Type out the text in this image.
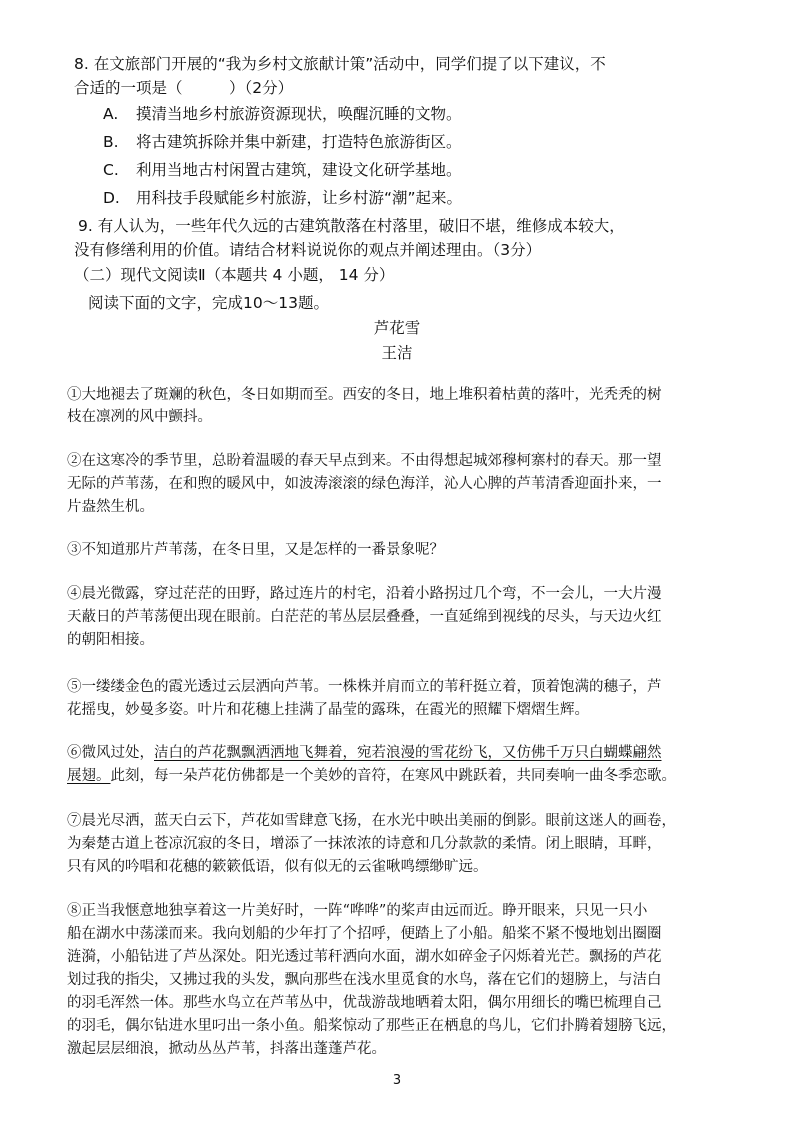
8. 在文旅部门开展的“我为乡村文旅献计策”活动中，同学们提了以下建议，不
合适的一项是（　　　）（2分）
A. 摸清当地乡村旅游资源现状，唤醒沉睡的文物。
B. 将古建筑拆除并集中新建，打造特色旅游街区。
C. 利用当地古村闲置古建筑，建设文化研学基地。
D. 用科技手段赋能乡村旅游，让乡村游“潮”起来。
9. 有人认为，一些年代久远的古建筑散落在村落里，破旧不堪，维修成本较大，
没有修缮利用的价值。请结合材料说说你的观点并阐述理由。（3分）
（二）现代文阅读Ⅱ（本题共 4 小题， 14 分）
阅读下面的文字，完成10～13题。
芦花雪
王洁
①大地褪去了斑斓的秋色，冬日如期而至。西安的冬日，地上堆积着枯黄的落叶，光秃秃的树
枝在凛冽的风中颤抖。
②在这寒冷的季节里，总盼着温暖的春天早点到来。不由得想起城郊穆柯寨村的春天。那一望
无际的芦苇荡，在和煦的暖风中，如波涛滚滚的绿色海洋，沁人心脾的芦苇清香迎面扑来，一
片盎然生机。
③不知道那片芦苇荡，在冬日里，又是怎样的一番景象呢？
④晨光微露，穿过茫茫的田野，路过连片的村宅，沿着小路拐过几个弯，不一会儿，一大片漫
天蔽日的芦苇荡便出现在眼前。白茫茫的苇丛层层叠叠，一直延绵到视线的尽头，与天边火红
的朝阳相接。
⑤一缕缕金色的霞光透过云层洒向芦苇。一株株并肩而立的苇秆挺立着，顶着饱满的穗子，芦
花摇曳，妙曼多姿。叶片和花穗上挂满了晶莹的露珠，在霞光的照耀下熠熠生辉。
⑥微风过处，洁白的芦花飘飘洒洒地飞舞着，宛若浪漫的雪花纷飞，又仿佛千万只白蝴蝶翩然
展翅。此刻，每一朵芦花仿佛都是一个美妙的音符，在寒风中跳跃着，共同奏响一曲冬季恋歌。
⑦晨光尽洒，蓝天白云下，芦花如雪肆意飞扬，在水光中映出美丽的倒影。眼前这迷人的画卷，
为秦楚古道上苍凉沉寂的冬日，增添了一抹浓浓的诗意和几分款款的柔情。闭上眼睛，耳畔，
只有风的吟唱和花穗的簌簌低语，似有似无的云雀啾鸣缥缈旷远。
⑧正当我惬意地独享着这一片美好时，一阵“哗哗”的桨声由远而近。睁开眼来，只见一只小
船在湖水中荡漾而来。我向划船的少年打了个招呼，便踏上了小船。船桨不紧不慢地划出圈圈
涟漪，小船钻进了芦丛深处。阳光透过苇秆洒向水面，湖水如碎金子闪烁着光芒。飘扬的芦花
划过我的指尖，又拂过我的头发，飘向那些在浅水里觅食的水鸟，落在它们的翅膀上，与洁白
的羽毛浑然一体。那些水鸟立在芦苇丛中，优哉游哉地晒着太阳，偶尔用细长的嘴巴梳理自己
的羽毛，偶尔钻进水里叼出一条小鱼。船桨惊动了那些正在栖息的鸟儿，它们扑腾着翅膀飞远，
激起层层细浪，掀动丛丛芦苇，抖落出蓬蓬芦花。
3
